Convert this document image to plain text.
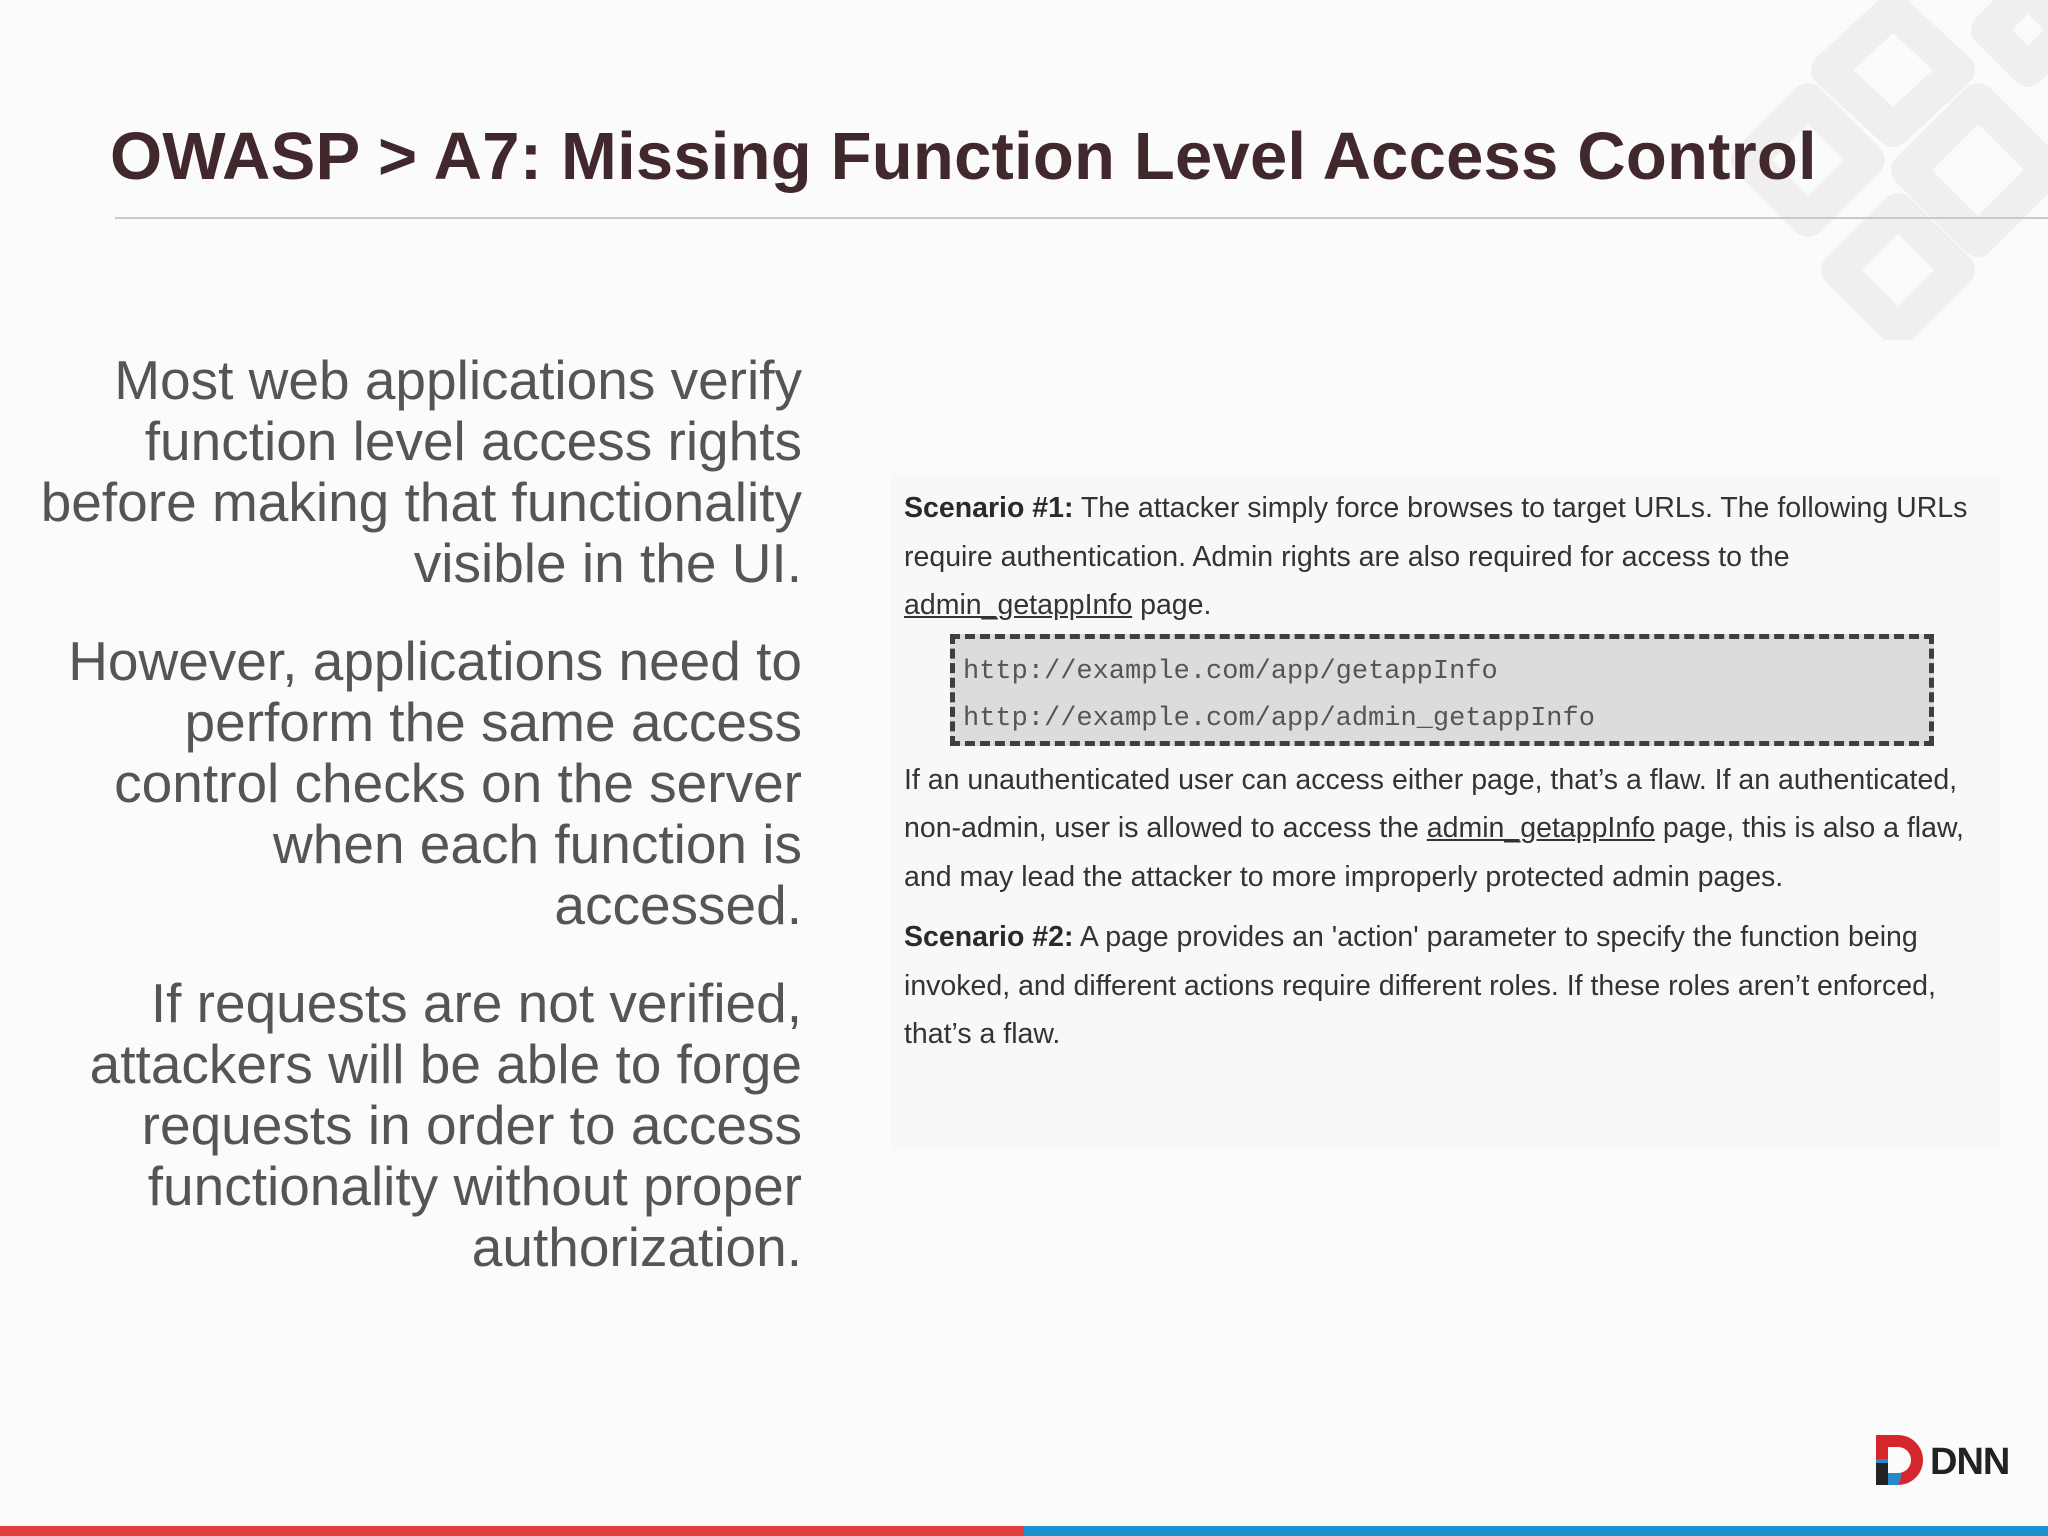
OWASP > A7: Missing Function Level Access Control

Most web applications verify function level access rights before making that functionality visible in the UI.

However, applications need to perform the same access control checks on the server when each function is accessed.

If requests are not verified, attackers will be able to forge requests in order to access functionality without proper authorization.

Scenario #1: The attacker simply force browses to target URLs. The following URLs require authentication. Admin rights are also required for access to the admin_getappInfo page.

http://example.com/app/getappInfo
http://example.com/app/admin_getappInfo

If an unauthenticated user can access either page, that’s a flaw. If an authenticated, non-admin, user is allowed to access the admin_getappInfo page, this is also a flaw, and may lead the attacker to more improperly protected admin pages.

Scenario #2: A page provides an 'action' parameter to specify the function being invoked, and different actions require different roles. If these roles aren’t enforced, that’s a flaw.

DNN
